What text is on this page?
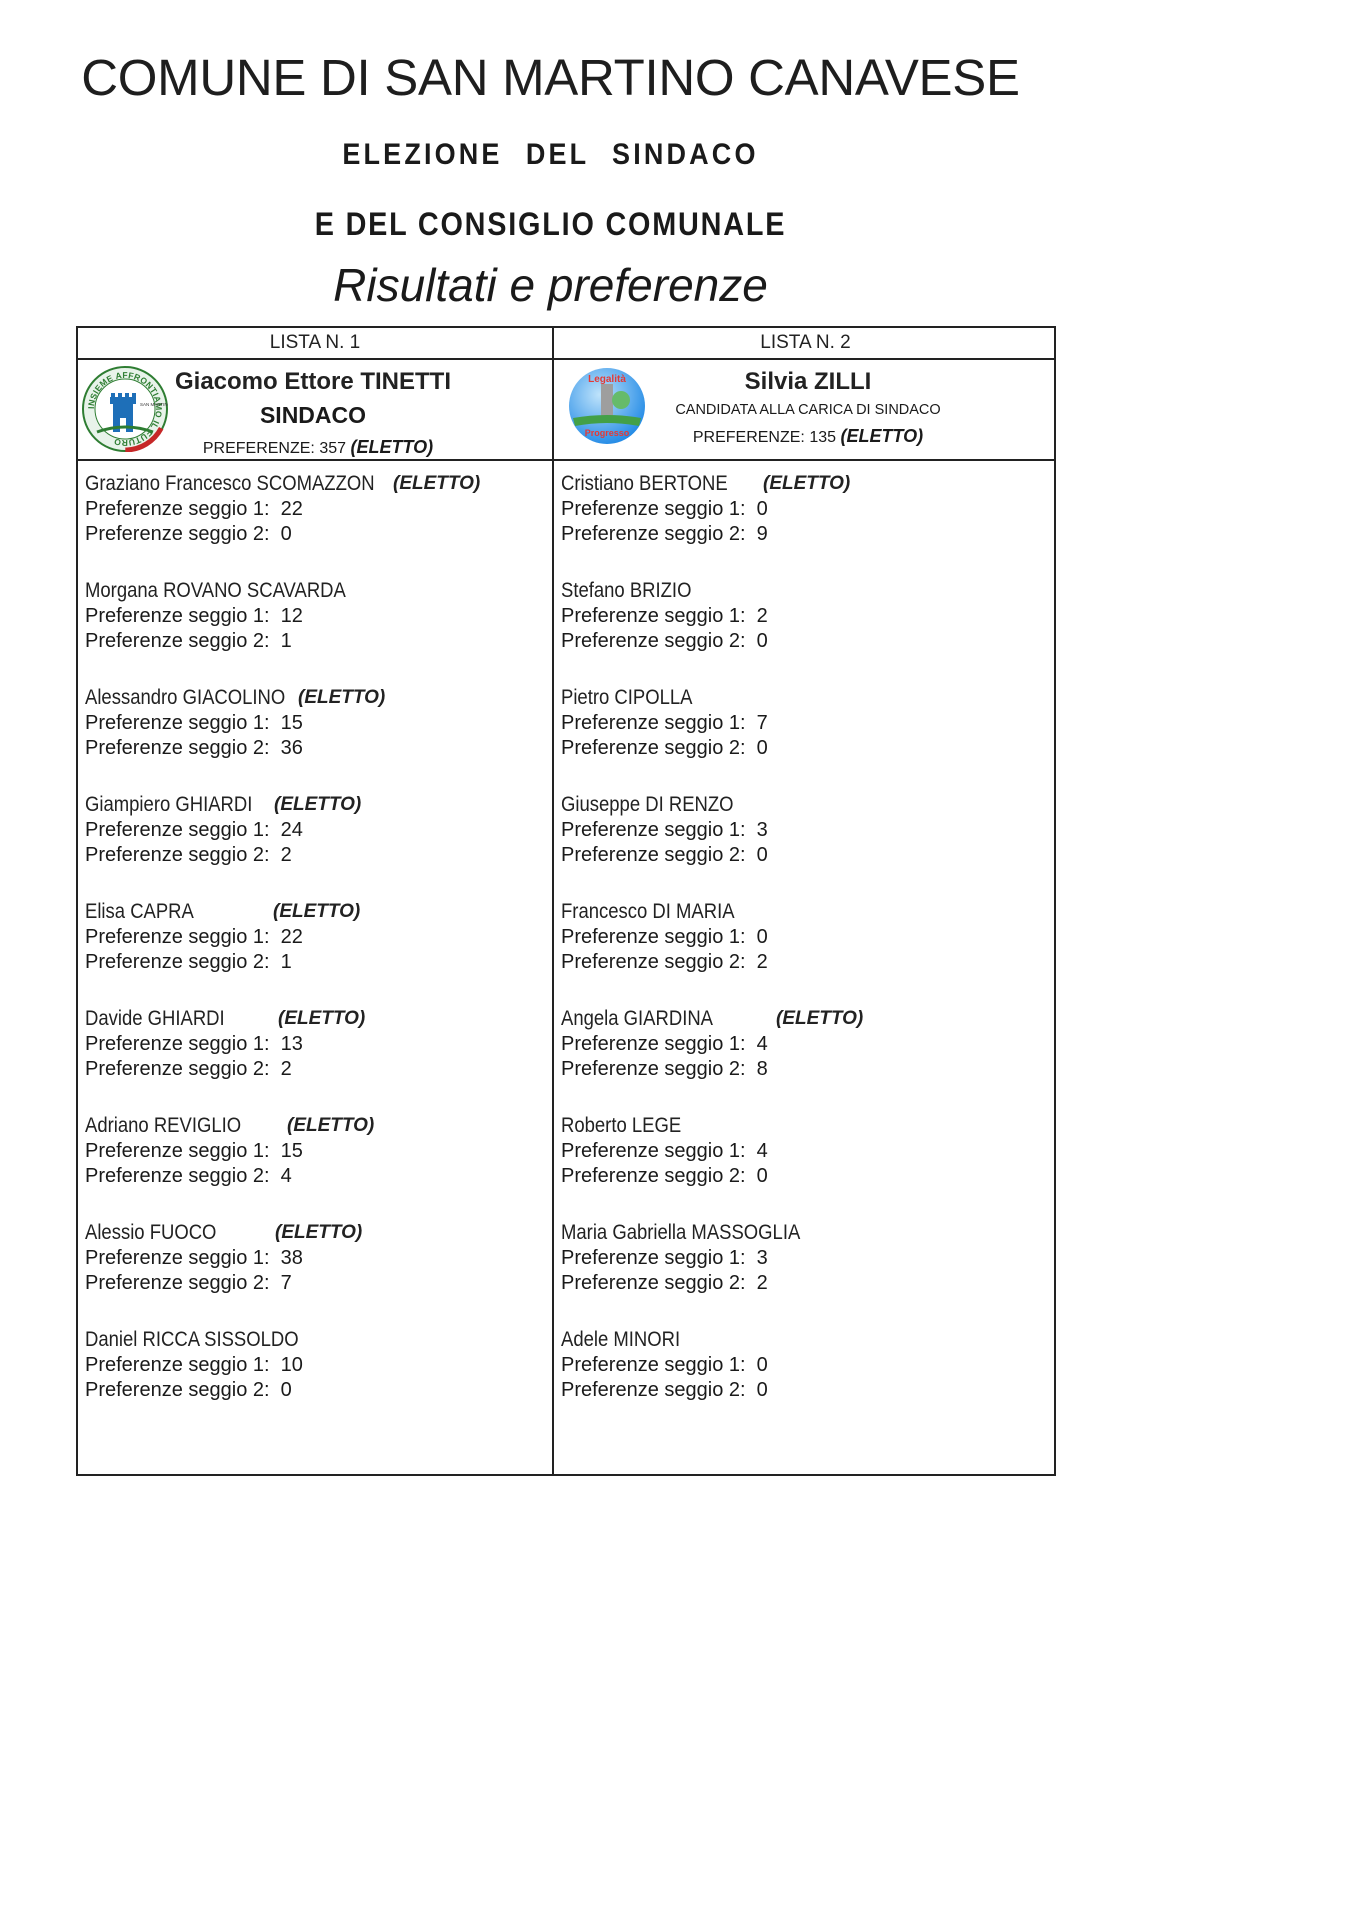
COMUNE DI SAN MARTINO CANAVESE
ELEZIONE DEL SINDACO
E DEL CONSIGLIO COMUNALE
Risultati e preferenze
LISTA N. 1
INSIEME AFFRONTIAMO IL FUTURO
SAN MARTIN
Giacomo Ettore TINETTI
SINDACO
PREFERENZE: 357 (ELETTO)
LISTA N. 2
Legalità
Progresso
Silvia ZILLI
CANDIDATA ALLA CARICA DI SINDACO
PREFERENZE: 135 (ELETTO)
Graziano Francesco SCOMAZZON (ELETTO)
Preferenze seggio 1:  22
Preferenze seggio 2:  0
Morgana ROVANO SCAVARDA
Preferenze seggio 1:  12
Preferenze seggio 2:  1
Alessandro GIACOLINO (ELETTO)
Preferenze seggio 1:  15
Preferenze seggio 2:  36
Giampiero GHIARDI (ELETTO)
Preferenze seggio 1:  24
Preferenze seggio 2:  2
Elisa CAPRA	(ELETTO)
Preferenze seggio 1:  22
Preferenze seggio 2:  1
Davide GHIARDI	(ELETTO)
Preferenze seggio 1:  13
Preferenze seggio 2:  2
Adriano REVIGLIO (ELETTO)
Preferenze seggio 1:  15
Preferenze seggio 2:  4
Alessio FUOCO	(ELETTO)
Preferenze seggio 1:  38
Preferenze seggio 2:  7
Daniel RICCA SISSOLDO
Preferenze seggio 1:  10
Preferenze seggio 2:  0
Cristiano BERTONE (ELETTO)
Preferenze seggio 1:  0
Preferenze seggio 2:  9
Stefano BRIZIO
Preferenze seggio 1:  2
Preferenze seggio 2:  0
Pietro CIPOLLA
Preferenze seggio 1:  7
Preferenze seggio 2:  0
Giuseppe DI RENZO
Preferenze seggio 1:  3
Preferenze seggio 2:  0
Francesco DI MARIA
Preferenze seggio 1:  0
Preferenze seggio 2:  2
Angela GIARDINA	(ELETTO)
Preferenze seggio 1:  4
Preferenze seggio 2:  8
Roberto LEGE
Preferenze seggio 1:  4
Preferenze seggio 2:  0
Maria Gabriella MASSOGLIA
Preferenze seggio 1:  3
Preferenze seggio 2:  2
Adele MINORI
Preferenze seggio 1:  0
Preferenze seggio 2:  0
